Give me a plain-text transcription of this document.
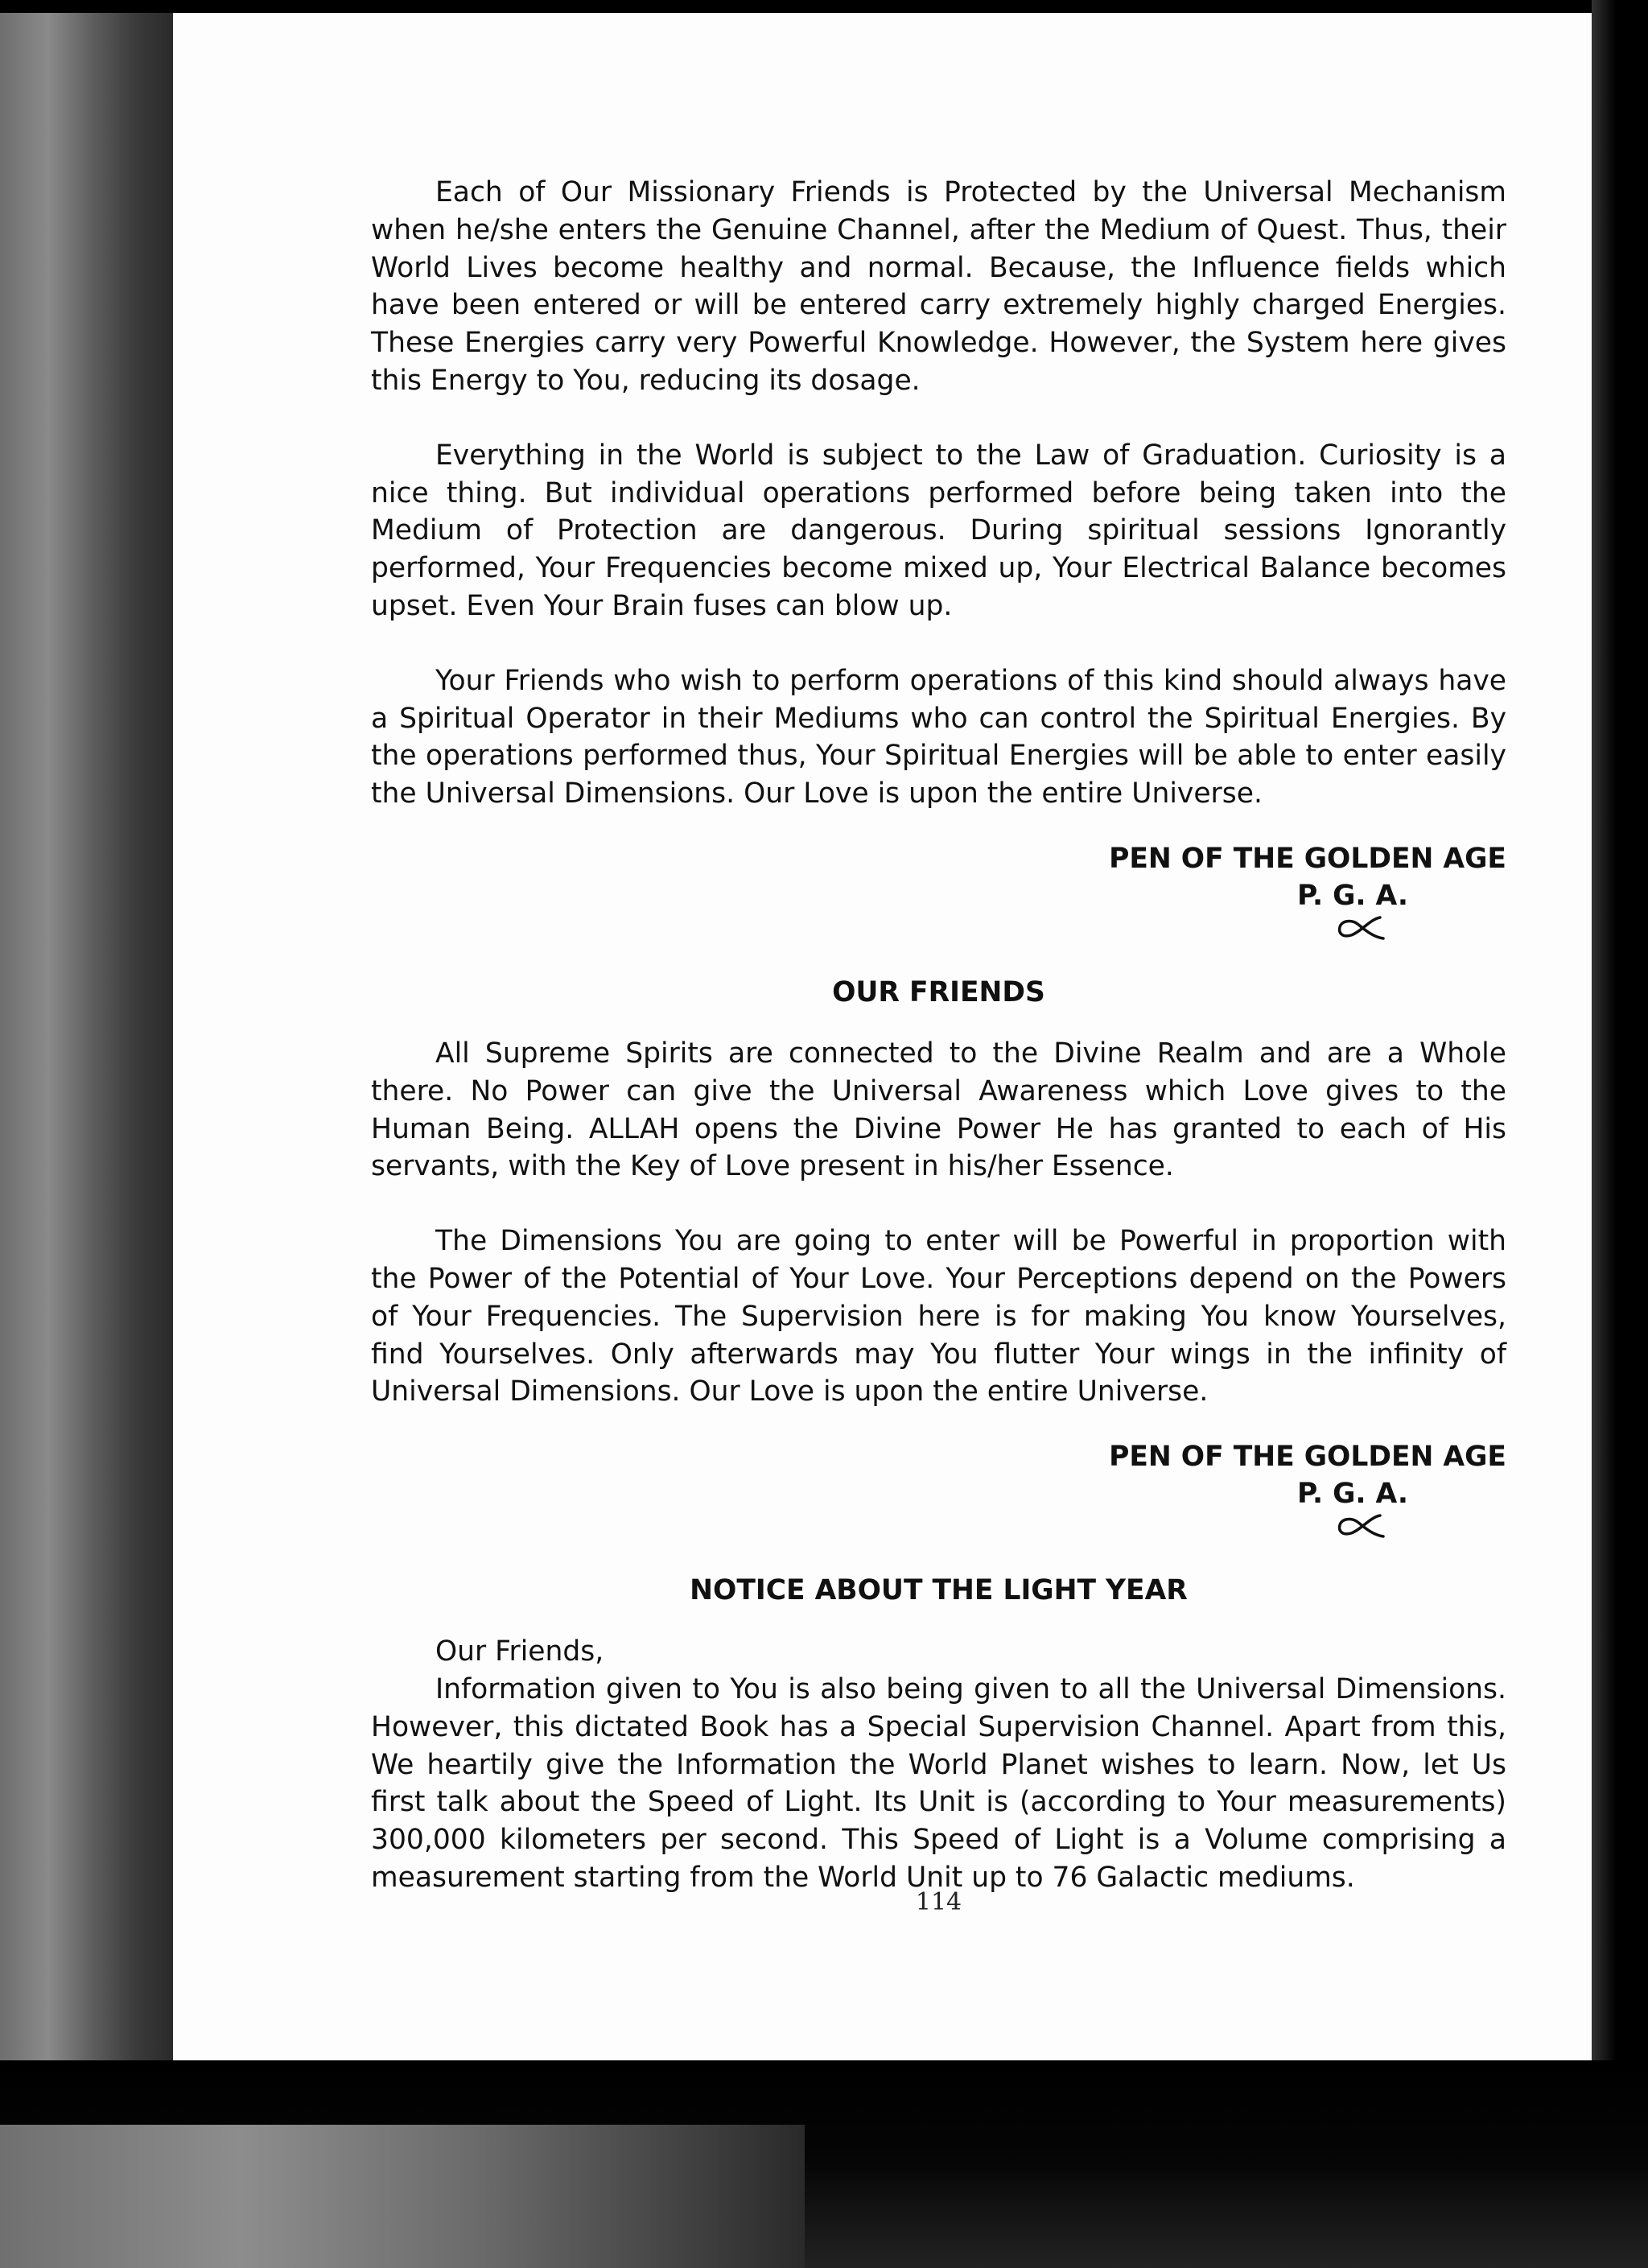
Each of Our Missionary Friends is Protected by the Universal Mechanism when he/she enters the Genuine Channel, after the Medium of Quest. Thus, their World Lives become healthy and normal. Because, the Influence fields which have been entered or will be entered carry extremely highly charged Energies. These Energies carry very Powerful Knowledge. However, the System here gives this Energy to You, reducing its dosage.

Everything in the World is subject to the Law of Graduation. Curiosity is a nice thing. But individual operations performed before being taken into the Medium of Protection are dangerous. During spiritual sessions Ignorantly performed, Your Frequencies become mixed up, Your Electrical Balance becomes upset. Even Your Brain fuses can blow up.

Your Friends who wish to perform operations of this kind should always have a Spiritual Operator in their Mediums who can control the Spiritual Energies. By the operations performed thus, Your Spiritual Energies will be able to enter easily the Universal Dimensions. Our Love is upon the entire Universe.

PEN OF THE GOLDEN AGE
P. G. A.
OUR FRIENDS

All Supreme Spirits are connected to the Divine Realm and are a Whole there. No Power can give the Universal Awareness which Love gives to the Human Being. ALLAH opens the Divine Power He has granted to each of His servants, with the Key of Love present in his/her Essence.

The Dimensions You are going to enter will be Powerful in proportion with the Power of the Potential of Your Love. Your Perceptions depend on the Powers of Your Frequencies. The Supervision here is for making You know Yourselves, find Yourselves. Only afterwards may You flutter Your wings in the infinity of Universal Dimensions. Our Love is upon the entire Universe.

PEN OF THE GOLDEN AGE
P. G. A.
NOTICE ABOUT THE LIGHT YEAR

Our Friends,

Information given to You is also being given to all the Universal Dimensions. However, this dictated Book has a Special Supervision Channel. Apart from this, We heartily give the Information the World Planet wishes to learn. Now, let Us first talk about the Speed of Light. Its Unit is (according to Your measurements) 300,000 kilometers per second. This Speed of Light is a Volume comprising a measurement starting from the World Unit up to 76 Galactic mediums.

114
